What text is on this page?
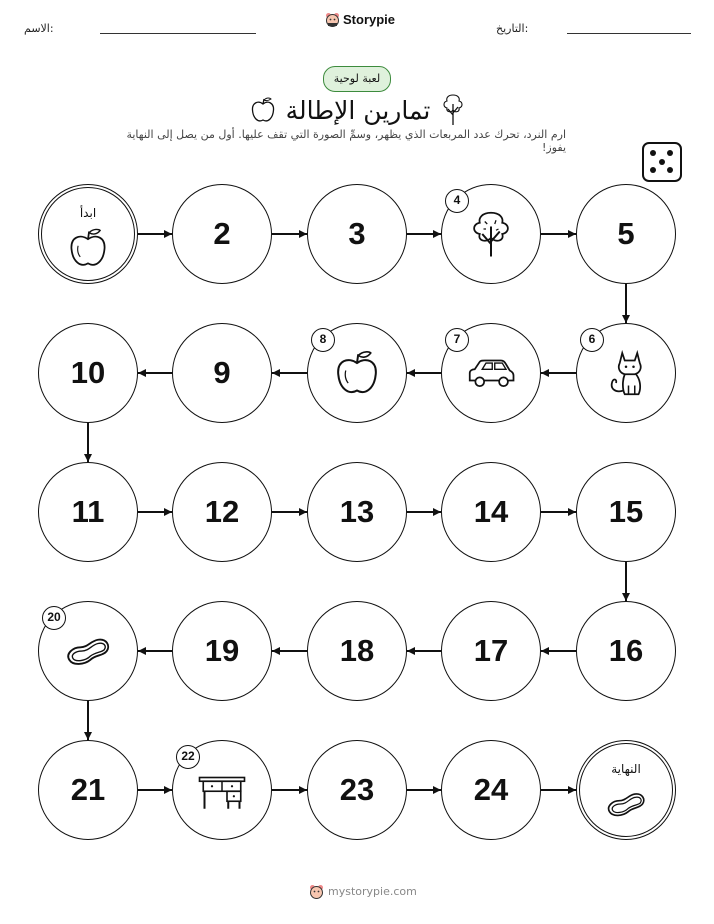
الاسم:
Storypie
التاريخ:
لعبة لوحية
تمارين الإطالة
ارم النرد، تحرك عدد المربعات الذي يظهر، وسمِّ الصورة التي تقف عليها. أول من يصل إلى النهاية يفوز!
ابدأ
2	3
4
5
6
7
8
9
10
11	12	13	14	15
16
17
18
19
20
21
22
23	24
النهاية
mystorypie.com
